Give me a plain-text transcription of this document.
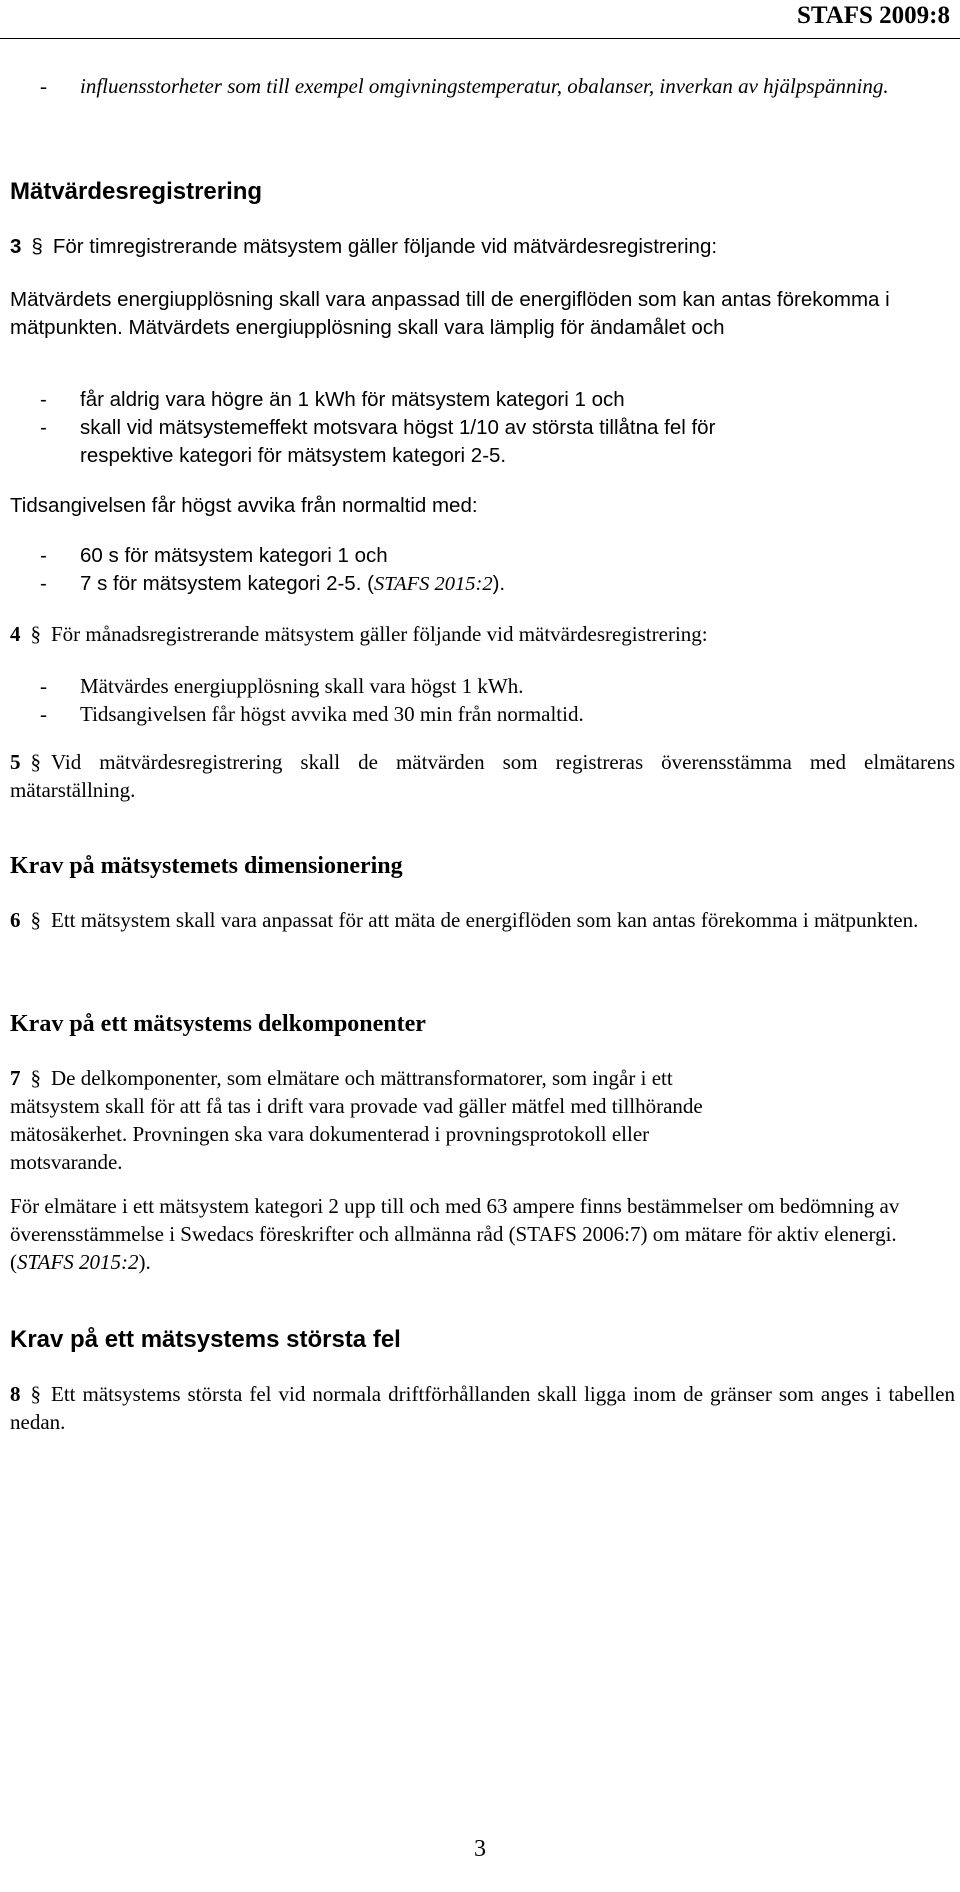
STAFS 2009:8
- influensstorheter som till exempel omgivningstemperatur, obalanser, inverkan av hjälpspänning.
Mätvärdesregistrering
3 § För timregistrerande mätsystem gäller följande vid mätvärdesregistrering:
Mätvärdets energiupplösning skall vara anpassad till de energiflöden som kan antas förekomma i mätpunkten. Mätvärdets energiupplösning skall vara lämplig för ändamålet och
- får aldrig vara högre än 1 kWh för mätsystem kategori 1 och
- skall vid mätsystemeffekt motsvara högst 1/10 av största tillåtna fel för respektive kategori för mätsystem kategori 2-5.
Tidsangivelsen får högst avvika från normaltid med:
- 60 s för mätsystem kategori 1 och
- 7 s för mätsystem kategori 2-5. (STAFS 2015:2).
4 § För månadsregistrerande mätsystem gäller följande vid mätvärdesregistrering:
- Mätvärdes energiupplösning skall vara högst 1 kWh.
- Tidsangivelsen får högst avvika med 30 min från normaltid.
5 § Vid mätvärdesregistrering skall de mätvärden som registreras överensstämma med elmätarens mätarställning.
Krav på mätsystemets dimensionering
6 § Ett mätsystem skall vara anpassat för att mäta de energiflöden som kan antas förekomma i mätpunkten.
Krav på ett mätsystems delkomponenter
7 § De delkomponenter, som elmätare och mättransformatorer, som ingår i ett mätsystem skall för att få tas i drift vara provade vad gäller mätfel med tillhörande mätosäkerhet. Provningen ska vara dokumenterad i provningsprotokoll eller motsvarande.
För elmätare i ett mätsystem kategori 2 upp till och med 63 ampere finns bestämmelser om bedömning av överensstämmelse i Swedacs föreskrifter och allmänna råd (STAFS 2006:7) om mätare för aktiv elenergi. (STAFS 2015:2).
Krav på ett mätsystems största fel
8 § Ett mätsystems största fel vid normala driftförhållanden skall ligga inom de gränser som anges i tabellen nedan.
3
